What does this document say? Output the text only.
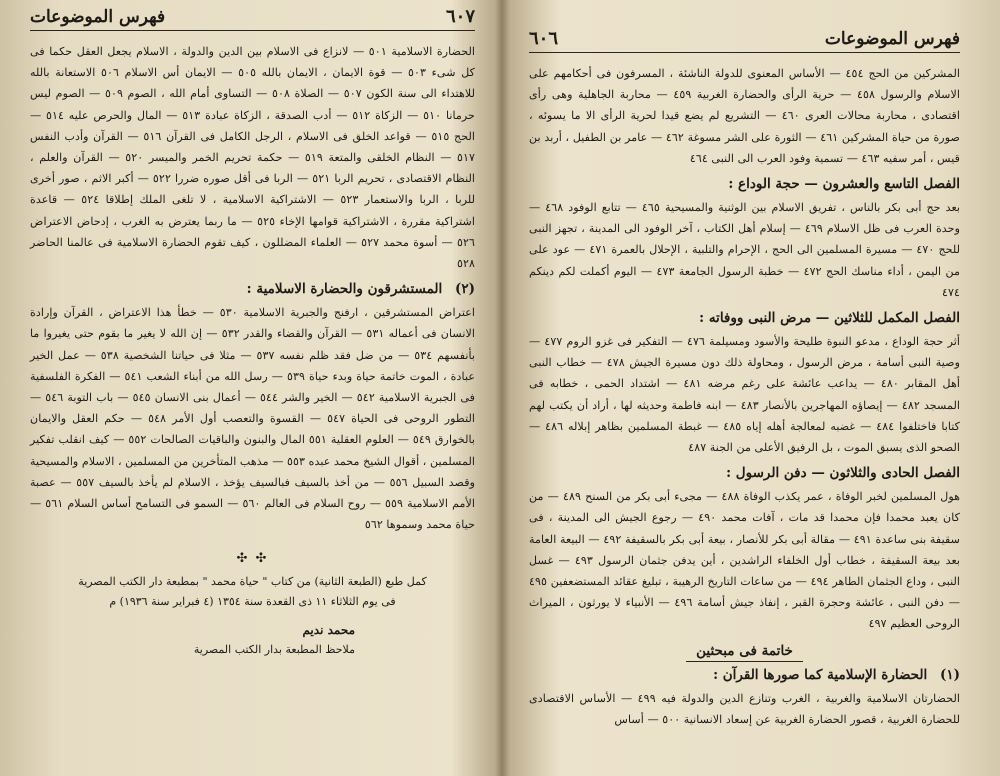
٦٠٧
فهرس الموضوعات

الحضارة الاسلامية ٥٠١ — لانزاع فى الاسلام بين الدين والدولة ، الاسلام يجعل العقل حكما فى كل شىء ٥٠٣ — قوة الايمان ، الايمان بالله ٥٠٥ — الايمان أس الاسلام ٥٠٦ الاستعانة بالله للاهتداء الى سنة الكون ٥٠٧ — الصلاة ٥٠٨ — التساوى أمام الله ، الصوم ٥٠٩ — الصوم ليس حرمانا ٥١٠ — الزكاة ٥١٢ — أدب الصدقة ، الزكاة عبادة ٥١٣ — المال والحرص عليه ٥١٤ — الحج ٥١٥ — قواعد الخلق فى الاسلام ، الرجل الكامل فى القرآن ٥١٦ — القرآن وأدب النفس ٥١٧ — النظام الخلقى والمتعة ٥١٩ — حكمة تحريم الخمر والميسر ٥٢٠ — القرآن والعلم ، النظام الاقتصادى ، تحريم الربا ٥٢١ — الربا فى أقل صوره ضررا ٥٢٢ — أكبر الاثم ، صور أخرى للربا ، الربا والاستعمار ٥٢٣ — الاشتراكية الاسلامية ، لا تلغى الملك إطلاقا ٥٢٤ — قاعدة اشتراكية مقررة ، الاشتراكية قوامها الإخاء ٥٢٥ — ما ربما يعترض به الغرب ، إدحاض الاعتراض ٥٢٦ — أسوة محمد ٥٢٧ — العلماء المضللون ، كيف تقوم الحضارة الاسلامية فى عالمنا الحاضر ٥٢٨

(٢) المستشرقون والحضارة الاسلامية :

اعتراض المستشرقين ، ارفنج والجبرية الاسلامية ٥٣٠ — خطأ هذا الاعتراض ، القرآن وإرادة الانسان فى أعماله ٥٣١ — القرآن والقضاء والقدر ٥٣٢ — إن الله لا يغير ما بقوم حتى يغيروا ما بأنفسهم ٥٣٤ — من ضل فقد ظلم نفسه ٥٣٧ — مثلا فى حياتنا الشخصية ٥٣٨ — عمل الخير عبادة ، الموت خاتمة حياة وبدء حياة ٥٣٩ — رسل الله من أبناء الشعب ٥٤١ — الفكرة الفلسفية فى الجبرية الاسلامية ٥٤٢ — الخير والشر ٥٤٤ — أعمال بنى الانسان ٥٤٥ — باب التوبة ٥٤٦ — التطور الروحى فى الحياة ٥٤٧ — القسوة والتعصب أول الأمر ٥٤٨ — حكم العقل والايمان بالخوارق ٥٤٩ — العلوم العقلية ٥٥١ المال والبنون والباقيات الصالحات ٥٥٢ — كيف انقلب تفكير المسلمين ، أقوال الشيخ محمد عبده ٥٥٣ — مذهب المتأخرين من المسلمين ، الاسلام والمسيحية وقصد السبيل ٥٥٦ — من أخذ بالسيف فبالسيف يؤخذ ، الاسلام لم يأخذ بالسيف ٥٥٧ — عصبة الأمم الاسلامية ٥٥٩ — روح السلام فى العالم ٥٦٠ — السمو فى التسامح أساس السلام ٥٦١ — حياة محمد وسموها ٥٦٢

✣ ✣
كمل طبع (الطبعة الثانية) من كتاب " حياة محمد " بمطبعة دار الكتب المصرية فى يوم الثلاثاء ١١ ذى القعدة سنة ١٣٥٤ (٤ فبراير سنة ١٩٣٦) م
محمد نديم
ملاحظ المطبعة بدار الكتب المصرية
فهرس الموضوعات
٦٠٦

المشركين من الحج ٤٥٤ — الأساس المعنوى للدولة الناشئة ، المسرفون فى أحكامهم على الاسلام والرسول ٤٥٨ — حرية الرأى والحضارة الغربية ٤٥٩ — محاربة الجاهلية وهى رأى اقتصادى ، محاربة محالات العرى ٤٦٠ — التشريع لم يضع قيدا لحرية الرأى الا ما يسوئه ، صورة من حياة المشركين ٤٦١ — الثورة على الشر مسوغة ٤٦٢ — عامر بن الطفيل ، أربد بن قيس ، أمر سفيه ٤٦٣ — تسمية وفود العرب الى النبى ٤٦٤

الفصل التاسع والعشرون — حجة الوداع :

بعد حج أبى بكر بالناس ، تفريق الاسلام بين الوثنية والمسيحية ٤٦٥ — تتابع الوفود ٤٦٨ — وحدة العرب فى ظل الاسلام ٤٦٩ — إسلام أهل الكتاب ، آخر الوفود الى المدينة ، تجهز النبى للحج ٤٧٠ — مسيرة المسلمين الى الحج ، الإحرام والتلبية ، الإحلال بالعمرة ٤٧١ — عود على من اليمن ، أداء مناسك الحج ٤٧٢ — خطبة الرسول الجامعة ٤٧٣ — اليوم أكملت لكم دينكم ٤٧٤

الفصل المكمل للثلاثين — مرض النبى ووفاته :

أثر حجة الوداع ، مدعو النبوة طليحة والأسود ومسيلمة ٤٧٦ — التفكير فى غزو الروم ٤٧٧ — وصية النبى أسامة ، مرض الرسول ، ومحاولة ذلك دون مسيرة الجيش ٤٧٨ — خطاب النبى أهل المقابر ٤٨٠ — يداعب عائشة على رغم مرضه ٤٨١ — اشتداد الحمى ، خطابه فى المسجد ٤٨٢ — إيصاؤه المهاجرين بالأنصار ٤٨٣ — ابنه فاطمة وحديثه لها ، أراد أن يكتب لهم كتابا فاختلفوا ٤٨٤ — غضبه لمعالجة أهله إياه ٤٨٥ — غبطة المسلمين بظاهر إبلاله ٤٨٦ — الصحو الذى يسبق الموت ، بل الرفيق الأعلى من الجنة ٤٨٧

الفصل الحادى والثلاثون — دفن الرسول :

هول المسلمين لخبر الوفاة ، عمر يكذب الوفاة ٤٨٨ — مجىء أبى بكر من السنح ٤٨٩ — من كان يعبد محمدا فإن محمدا قد مات ، آفات محمد ٤٩٠ — رجوع الجيش الى المدينة ، فى سقيفة بنى ساعدة ٤٩١ — مقالة أبى بكر للأنصار ، بيعة أبى بكر بالسقيفة ٤٩٢ — البيعة العامة بعد بيعة السقيفة ، خطاب أول الخلفاء الراشدين ، أين يدفن جثمان الرسول ٤٩٣ — غسل النبى ، وداع الجثمان الطاهر ٤٩٤ — من ساعات التاريخ الرهيبة ، تبليغ عقائد المستضعفين ٤٩٥ — دفن النبى ، عائشة وحجرة القبر ، إنفاذ جيش أسامة ٤٩٦ — الأنبياء لا يورثون ، الميراث الروحى العظيم ٤٩٧

خاتمة فى مبحثين
(١) الحضارة الإسلامية كما صورها القرآن :

الحضارتان الاسلامية والغربية ، الغرب وتنازع الدين والدولة فيه ٤٩٩ — الأساس الاقتصادى للحضارة الغربية ، قصور الحضارة الغربية عن إسعاد الانسانية ٥٠٠ — أساس
